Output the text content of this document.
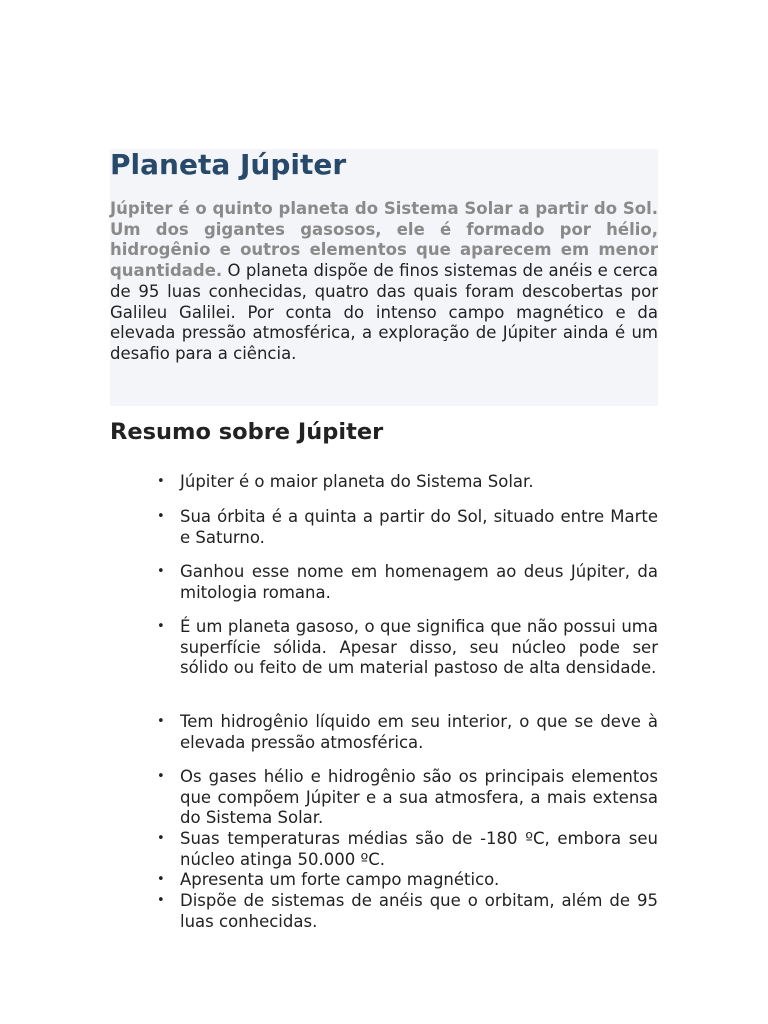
Planeta Júpiter

Júpiter é o quinto planeta do Sistema Solar a partir do Sol. Um dos gigantes gasosos, ele é formado por hélio, hidrogênio e outros elementos que aparecem em menor quantidade. O planeta dispõe de finos sistemas de anéis e cerca de 95 luas conhecidas, quatro das quais foram descobertas por Galileu Galilei. Por conta do intenso campo magnético e da elevada pressão atmosférica, a exploração de Júpiter ainda é um desafio para a ciência.

Resumo sobre Júpiter
• Júpiter é o maior planeta do Sistema Solar.
• Sua órbita é a quinta a partir do Sol, situado entre Marte e Saturno.
• Ganhou esse nome em homenagem ao deus Júpiter, da mitologia romana.
• É um planeta gasoso, o que significa que não possui uma superfície sólida. Apesar disso, seu núcleo pode ser sólido ou feito de um material pastoso de alta densidade.
• Tem hidrogênio líquido em seu interior, o que se deve à elevada pressão atmosférica.
• Os gases hélio e hidrogênio são os principais elementos que compõem Júpiter e a sua atmosfera, a mais extensa do Sistema Solar.
• Suas temperaturas médias são de -180 ºC, embora seu núcleo atinga 50.000 ºC.
• Apresenta um forte campo magnético.
• Dispõe de sistemas de anéis que o orbitam, além de 95 luas conhecidas.
